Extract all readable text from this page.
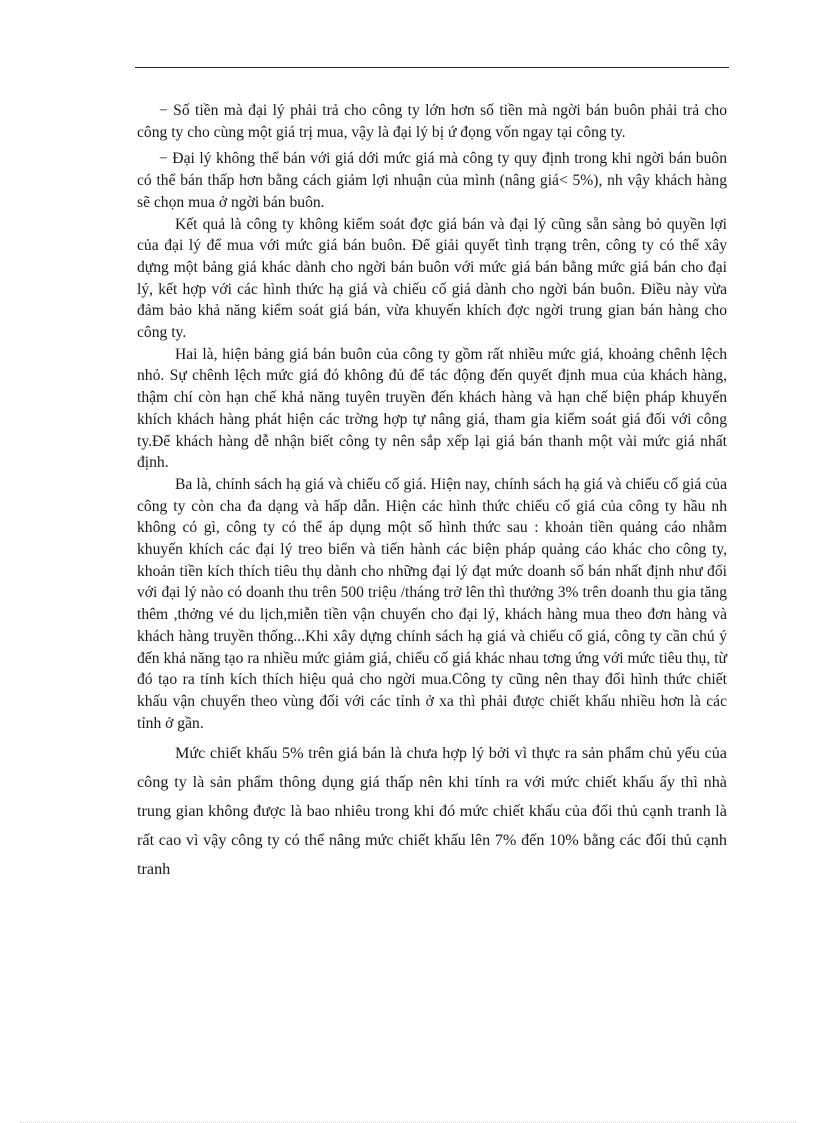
− Số tiền mà đại lý phải trả cho công ty lớn hơn số tiền mà ngời bán buôn phải trả cho công ty cho cùng một giá trị mua, vậy là đại lý bị ứ đọng vốn ngay tại công ty.

− Đại lý không thể bán với giá dới mức giá mà công ty quy định trong khi ngời bán buôn có thể bán thấp hơn bằng cách giảm lợi nhuận của mình (nâng giá< 5%), nh vậy khách hàng sẽ chọn mua ở ngời bán buôn.

Kết quả là công ty không kiểm soát đợc giá bán và đại lý cũng sẵn sàng bỏ quyền lợi của đại lý để mua với mức giá bán buôn. Để giải quyết tình trạng trên, công ty có thể xây dựng một bảng giá khác dành cho ngời bán buôn với mức giá bán bằng mức giá bán cho đại lý, kết hợp với các hình thức hạ giá và chiếu cố giá dành cho ngời bán buôn. Điều này vừa đảm bảo khả năng kiểm soát giá bán, vừa khuyến khích đợc ngời trung gian bán hàng cho công ty.

Hai là, hiện bảng giá bán buôn của công ty gồm rất nhiều mức giá, khoảng chênh lệch nhỏ. Sự chênh lệch mức giá đó không đủ để tác động đến quyết định mua của khách hàng, thậm chí còn hạn chế khả năng tuyên truyền đến khách hàng và hạn chế biện pháp khuyến khích khách hàng phát hiện các trờng hợp tự nâng giá, tham gia kiểm soát giá đối với công ty.Để khách hàng dễ nhận biết công ty nên sắp xếp lại giá bán thanh một vài mức giá nhất định.

Ba là, chính sách hạ giá và chiếu cố giá. Hiện nay, chính sách hạ giá và chiếu cố giá của công ty còn cha đa dạng và hấp dẫn. Hiện các hình thức chiếu cố giá của công ty hầu nh không có gì, công ty có thể áp dụng một số hình thức sau : khoản tiền quảng cáo nhằm khuyến khích các đại lý treo biển và tiến hành các biện pháp quảng cáo khác cho công ty, khoản tiền kích thích tiêu thụ dành cho những đại lý đạt mức doanh số bán nhất định như đối với đại lý nào có doanh thu trên 500 triệu /tháng trở lên thì thưởng 3% trên doanh thu gia tăng thêm ,thởng vé du lịch,miễn tiền vận chuyển cho đại lý, khách hàng mua theo đơn hàng và khách hàng truyền thống...Khi xây dựng chính sách hạ giá và chiếu cố giá, công ty cần chú ý đến khả năng tạo ra nhiều mức giảm giá, chiếu cố giá khác nhau tơng ứng với mức tiêu thụ, từ đó tạo ra tính kích thích hiệu quả cho ngời mua.Công ty cũng nên thay đổi hình thức chiết khấu vận chuyển theo vùng đối với các tỉnh ở xa thì phải được chiết khấu nhiều hơn là các tỉnh ở gần.

Mức chiết khấu 5% trên giá bán là chưa hợp lý bởi vì thực ra sản phẩm chủ yếu của công ty là sản phẩm thông dụng giá thấp nên khi tính ra với mức chiết khấu ấy thì nhà trung gian không được là bao nhiêu trong khi đó mức chiết khấu của đối thủ cạnh tranh là rất cao vì vậy công ty có thể nâng mức chiết khấu lên 7% đến 10% bằng các đối thủ cạnh tranh
